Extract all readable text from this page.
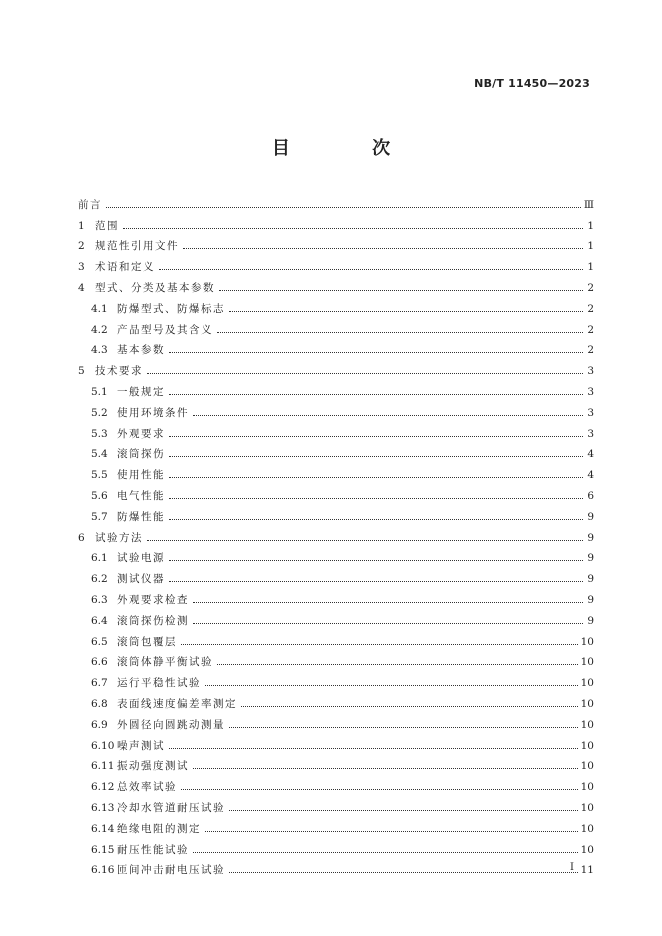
NB/T 11450—2023
目 次
前言	Ⅲ
1 范围	1
2 规范性引用文件	1
3 术语和定义	1
4 型式、分类及基本参数	2
4.1 防爆型式、防爆标志	2
4.2 产品型号及其含义	2
4.3 基本参数	2
5 技术要求	3
5.1 一般规定	3
5.2 使用环境条件	3
5.3 外观要求	3
5.4 滚筒探伤	4
5.5 使用性能	4
5.6 电气性能	6
5.7 防爆性能	9
6 试验方法	9
6.1 试验电源	9
6.2 测试仪器	9
6.3 外观要求检查	9
6.4 滚筒探伤检测	9
6.5 滚筒包覆层	10
6.6 滚筒体静平衡试验	10
6.7 运行平稳性试验	10
6.8 表面线速度偏差率测定	10
6.9 外圆径向圆跳动测量	10
6.10 噪声测试	10
6.11 振动强度测试	10
6.12 总效率试验	10
6.13 冷却水管道耐压试验	10
6.14 绝缘电阻的测定	10
6.15 耐压性能试验	10
6.16 匝间冲击耐电压试验	11
I
